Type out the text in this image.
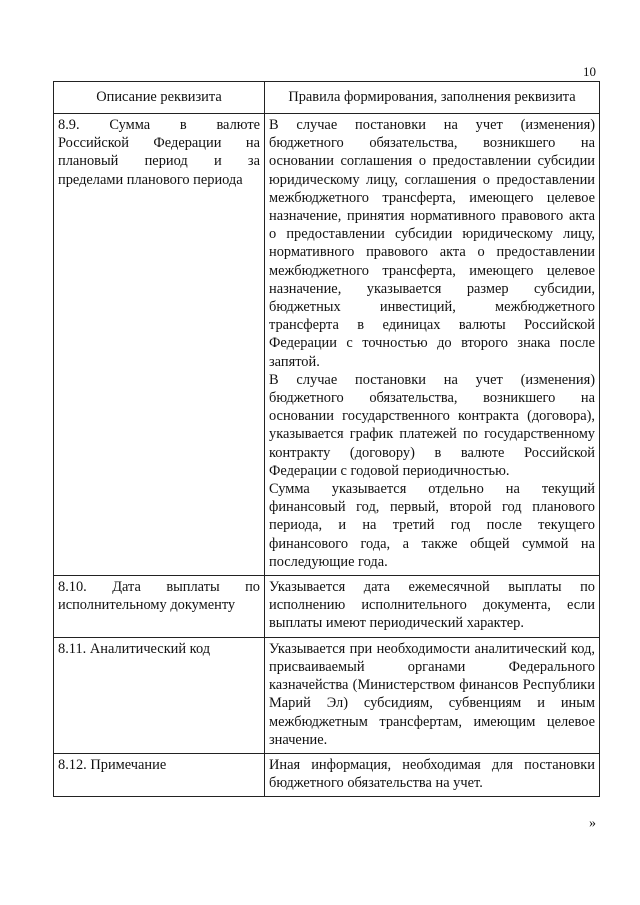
10
Описание реквизита	Правила формирования, заполнения реквизита
8.9.     Сумма     в     валюте Российской Федерации на плановый период и за пределами планового периода	В случае постановки на учет (изменения) бюджетного обязательства, возникшего на основании соглашения о предоставлении субсидии юридическому лицу, соглашения о предоставлении межбюджетного трансферта, имеющего целевое назначение, принятия нормативного правового акта о предоставлении субсидии юридическому лицу, нормативного правового акта о предоставлении межбюджетного трансферта, имеющего целевое назначение, указывается размер субсидии, бюджетных инвестиций, межбюджетного трансферта в единицах валюты Российской Федерации с точностью до второго знака после запятой.

В случае постановки на учет (изменения) бюджетного обязательства, возникшего на основании государственного контракта (договора), указывается график платежей по государственному контракту (договору) в валюте Российской Федерации с годовой периодичностью.

Сумма указывается отдельно на текущий финансовый год, первый, второй год планового периода, и на третий год после текущего финансового года, а также общей суммой на последующие года.

8.10.    Дата    выплаты    по исполнительному документу	Указывается дата ежемесячной выплаты по исполнению исполнительного документа, если выплаты имеют периодический характер.

8.11. Аналитический код	Указывается при необходимости аналитический код, присваиваемый органами Федерального казначейства (Министерством финансов Республики Марий Эл) субсидиям, субвенциям и иным межбюджетным трансфертам, имеющим целевое значение.

8.12. Примечание	Иная информация, необходимая для постановки бюджетного обязательства на учет.

»
